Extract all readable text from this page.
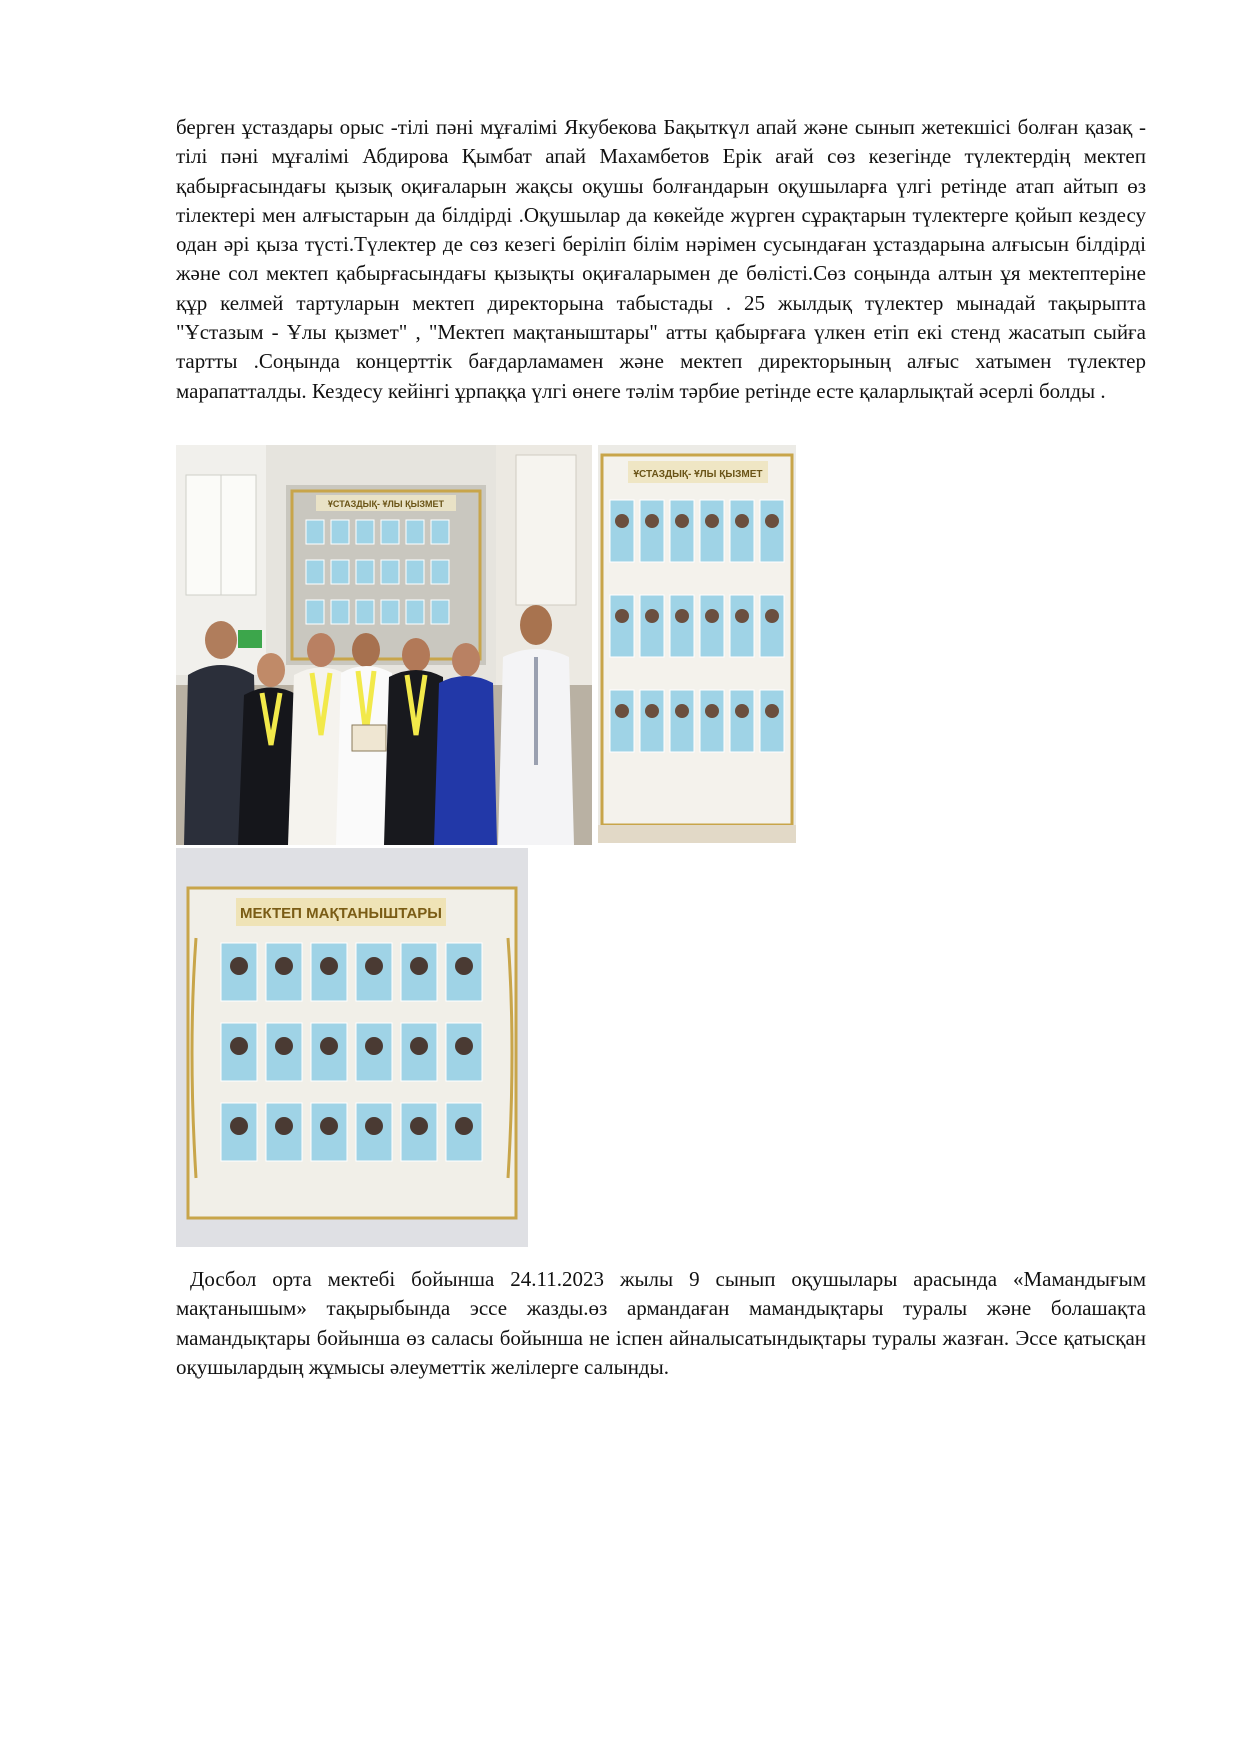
берген ұстаздары орыс -тілі пәні мұғалімі Якубекова Бақыткүл апай және сынып жетекшісі болған қазақ - тілі пәні мұғалімі Абдирова Қымбат апай Махамбетов Ерік ағай сөз кезегінде түлектердің мектеп қабырғасындағы қызық оқиғаларын жақсы оқушы болғандарын оқушыларға үлгі ретінде атап айтып өз тілектері мен алғыстарын да білдірді .Оқушылар да көкейде жүрген сұрақтарын түлектерге қойып кездесу одан әрі қыза түсті.Түлектер де сөз кезегі беріліп білім нәрімен сусындаған ұстаздарына алғысын білдірді және сол мектеп қабырғасындағы қызықты оқиғаларымен де бөлісті.Сөз соңында алтын ұя мектептеріне құр келмей тартуларын мектеп директорына табыстады . 25 жылдық түлектер мынадай тақырыпта "Ұстазым - Ұлы қызмет" , "Мектеп мақтаныштары" атты қабырғаға үлкен етіп екі стенд жасатып сыйға тартты .Соңында концерттік бағдарламамен және мектеп директорының алғыс хатымен түлектер марапатталды. Кездесу кейінгі ұрпаққа үлгі өнеге тәлім тәрбие ретінде есте қаларлықтай әсерлі болды .

ҰСТАЗДЫҚ- ҰЛЫ ҚЫЗМЕТ
ҰСТАЗДЫҚ- ҰЛЫ ҚЫЗМЕТ
МЕКТЕП МАҚТАНЫШТАРЫ

Досбол орта мектебі бойынша 24.11.2023 жылы 9 сынып оқушылары арасында «Мамандығым мақтанышым» тақырыбында эссе жазды.өз армандаған мамандықтары туралы және болашақта мамандықтары бойынша өз саласы бойынша не іспен айналысатындықтары туралы жазған. Эссе қатысқан оқушылардың жұмысы әлеуметтік желілерге салынды.
